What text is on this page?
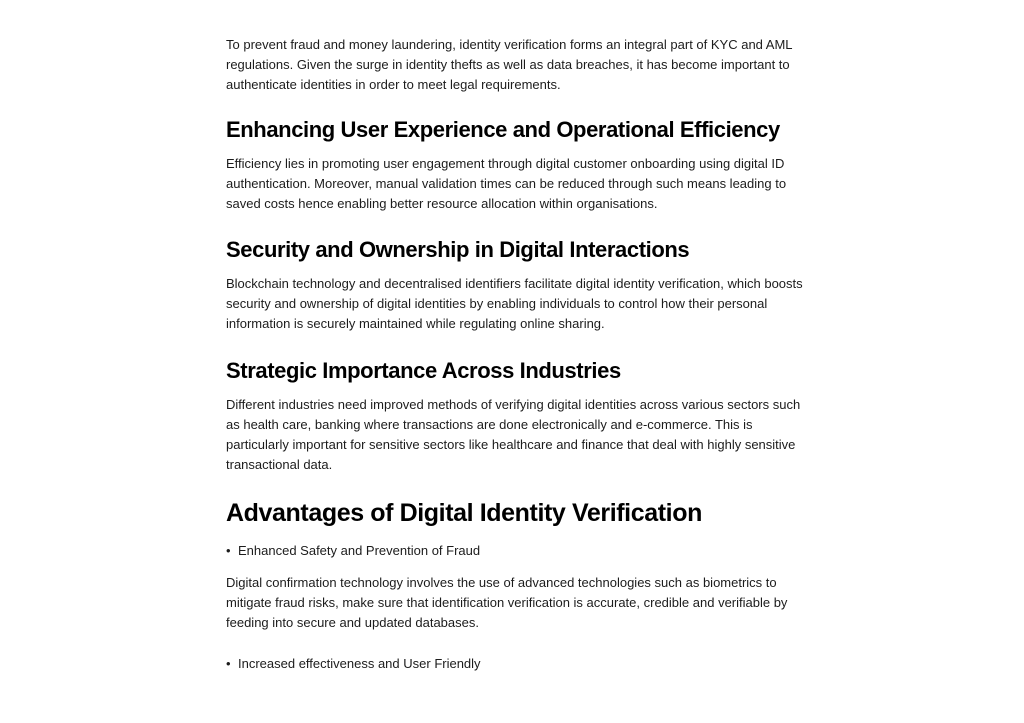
To prevent fraud and money laundering, identity verification forms an integral part of KYC and AML regulations. Given the surge in identity thefts as well as data breaches, it has become important to authenticate identities in order to meet legal requirements.

Enhancing User Experience and Operational Efficiency

Efficiency lies in promoting user engagement through digital customer onboarding using digital ID authentication. Moreover, manual validation times can be reduced through such means leading to saved costs hence enabling better resource allocation within organisations.

Security and Ownership in Digital Interactions

Blockchain technology and decentralised identifiers facilitate digital identity verification, which boosts security and ownership of digital identities by enabling individuals to control how their personal information is securely maintained while regulating online sharing.

Strategic Importance Across Industries

Different industries need improved methods of verifying digital identities across various sectors such as health care, banking where transactions are done electronically and e-commerce. This is particularly important for sensitive sectors like healthcare and finance that deal with highly sensitive transactional data.

Advantages of Digital Identity Verification
• Enhanced Safety and Prevention of Fraud

Digital confirmation technology involves the use of advanced technologies such as biometrics to mitigate fraud risks, make sure that identification verification is accurate, credible and verifiable by feeding into secure and updated databases.

• Increased effectiveness and User Friendly
